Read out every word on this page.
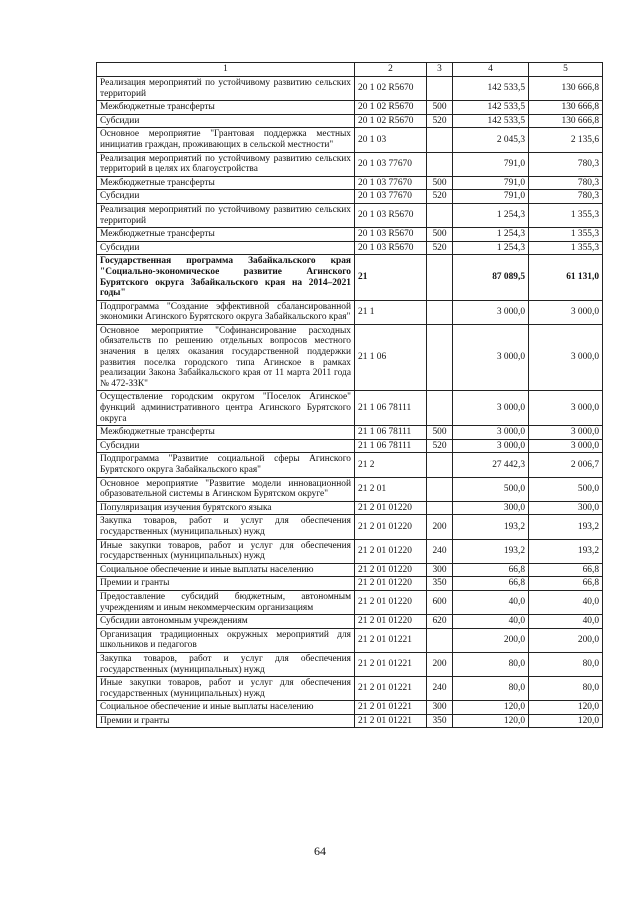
1	2	3	4	5
Реализация мероприятий по устойчивому развитию сельских территорий	20 1 02 R5670		142 533,5	130 666,8
Межбюджетные трансферты	20 1 02 R5670	500	142 533,5	130 666,8
Субсидии	20 1 02 R5670	520	142 533,5	130 666,8
Основное мероприятие "Грантовая поддержка местных инициатив граждан, проживающих в сельской местности"	20 1 03		2 045,3	2 135,6
Реализация мероприятий по устойчивому развитию сельских территорий в целях их благоустройства	20 1 03 77670		791,0	780,3
Межбюджетные трансферты	20 1 03 77670	500	791,0	780,3
Субсидии	20 1 03 77670	520	791,0	780,3
Реализация мероприятий по устойчивому развитию сельских территорий	20 1 03 R5670		1 254,3	1 355,3
Межбюджетные трансферты	20 1 03 R5670	500	1 254,3	1 355,3
Субсидии	20 1 03 R5670	520	1 254,3	1 355,3
Государственная программа Забайкальского края "Социально-экономическое развитие Агинского Бурятского округа Забайкальского края на 2014–2021 годы"	21		87 089,5	61 131,0
Подпрограмма "Создание эффективной сбалансированной экономики Агинского Бурятского округа Забайкальского края"	21 1		3 000,0	3 000,0
Основное мероприятие "Софинансирование расходных обязательств по решению отдельных вопросов местного значения в целях оказания государственной поддержки развития поселка городского типа Агинское в рамках реализации Закона Забайкальского края от 11 марта 2011 года № 472-ЗЗК"	21 1 06		3 000,0	3 000,0
Осуществление городским округом "Поселок Агинское" функций административного центра Агинского Бурятского округа	21 1 06 78111		3 000,0	3 000,0
Межбюджетные трансферты	21 1 06 78111	500	3 000,0	3 000,0
Субсидии	21 1 06 78111	520	3 000,0	3 000,0
Подпрограмма "Развитие социальной сферы Агинского Бурятского округа Забайкальского края"	21 2		27 442,3	2 006,7
Основное мероприятие "Развитие модели инновационной образовательной системы в Агинском Бурятском округе"	21 2 01		500,0	500,0
Популяризация изучения бурятского языка	21 2 01 01220		300,0	300,0
Закупка товаров, работ и услуг для обеспечения государственных (муниципальных) нужд	21 2 01 01220	200	193,2	193,2
Иные закупки товаров, работ и услуг для обеспечения государственных (муниципальных) нужд	21 2 01 01220	240	193,2	193,2
Социальное обеспечение и иные выплаты населению	21 2 01 01220	300	66,8	66,8
Премии и гранты	21 2 01 01220	350	66,8	66,8
Предоставление субсидий бюджетным, автономным учреждениям и иным некоммерческим организациям	21 2 01 01220	600	40,0	40,0
Субсидии автономным учреждениям	21 2 01 01220	620	40,0	40,0
Организация традиционных окружных мероприятий для школьников и педагогов	21 2 01 01221		200,0	200,0
Закупка товаров, работ и услуг для обеспечения государственных (муниципальных) нужд	21 2 01 01221	200	80,0	80,0
Иные закупки товаров, работ и услуг для обеспечения государственных (муниципальных) нужд	21 2 01 01221	240	80,0	80,0
Социальное обеспечение и иные выплаты населению	21 2 01 01221	300	120,0	120,0
Премии и гранты	21 2 01 01221	350	120,0	120,0
64
